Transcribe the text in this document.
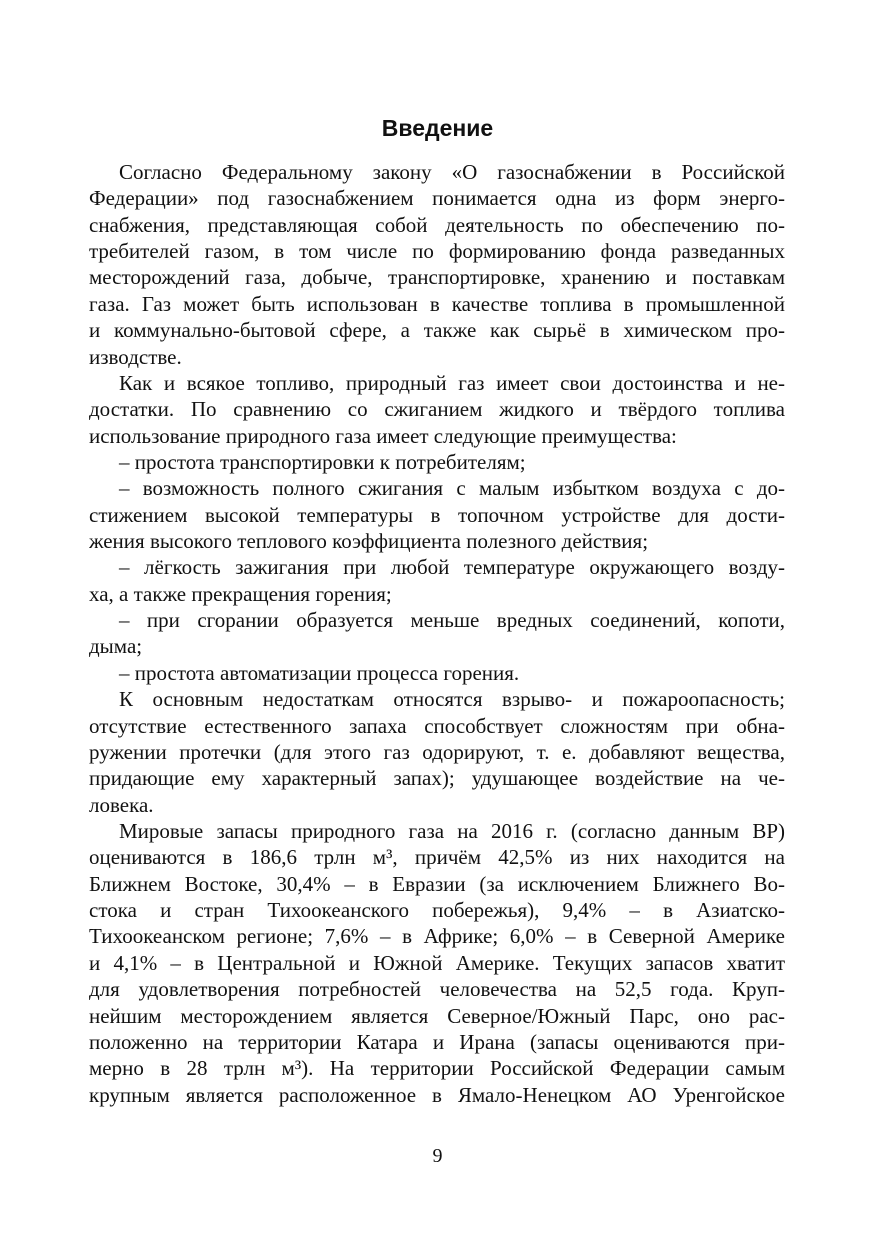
Введение
Согласно Федеральному закону «О газоснабжении в Российской
Федерации» под газоснабжением понимается одна из форм энерго-
снабжения, представляющая собой деятельность по обеспечению по-
требителей газом, в том числе по формированию фонда разведанных
месторождений газа, добыче, транспортировке, хранению и поставкам
газа. Газ может быть использован в качестве топлива в промышленной
и коммунально-бытовой сфере, а также как сырьё в химическом про-
изводстве.
Как и всякое топливо, природный газ имеет свои достоинства и не-
достатки. По сравнению со сжиганием жидкого и твёрдого топлива
использование природного газа имеет следующие преимущества:
– простота транспортировки к потребителям;
– возможность полного сжигания с малым избытком воздуха с до-
стижением высокой температуры в топочном устройстве для дости-
жения высокого теплового коэффициента полезного действия;
– лёгкость зажигания при любой температуре окружающего возду-
ха, а также прекращения горения;
– при сгорании образуется меньше вредных соединений, копоти,
дыма;
– простота автоматизации процесса горения.
К основным недостаткам относятся взрыво- и пожароопасность;
отсутствие естественного запаха способствует сложностям при обна-
ружении протечки (для этого газ одорируют, т. е. добавляют вещества,
придающие ему характерный запах); удушающее воздействие на че-
ловека.
Мировые запасы природного газа на 2016 г. (согласно данным BP)
оцениваются в 186,6 трлн м³, причём 42,5% из них находится на
Ближнем Востоке, 30,4% – в Евразии (за исключением Ближнего Во-
стока и стран Тихоокеанского побережья), 9,4% – в Азиатско-
Тихоокеанском регионе; 7,6% – в Африке; 6,0% – в Северной Америке
и 4,1% – в Центральной и Южной Америке. Текущих запасов хватит
для удовлетворения потребностей человечества на 52,5 года. Круп-
нейшим месторождением является Северное/Южный Парс, оно рас-
положенно на территории Катара и Ирана (запасы оцениваются при-
мерно в 28 трлн м³). На территории Российской Федерации самым
крупным является расположенное в Ямало-Ненецком АО Уренгойское
9
